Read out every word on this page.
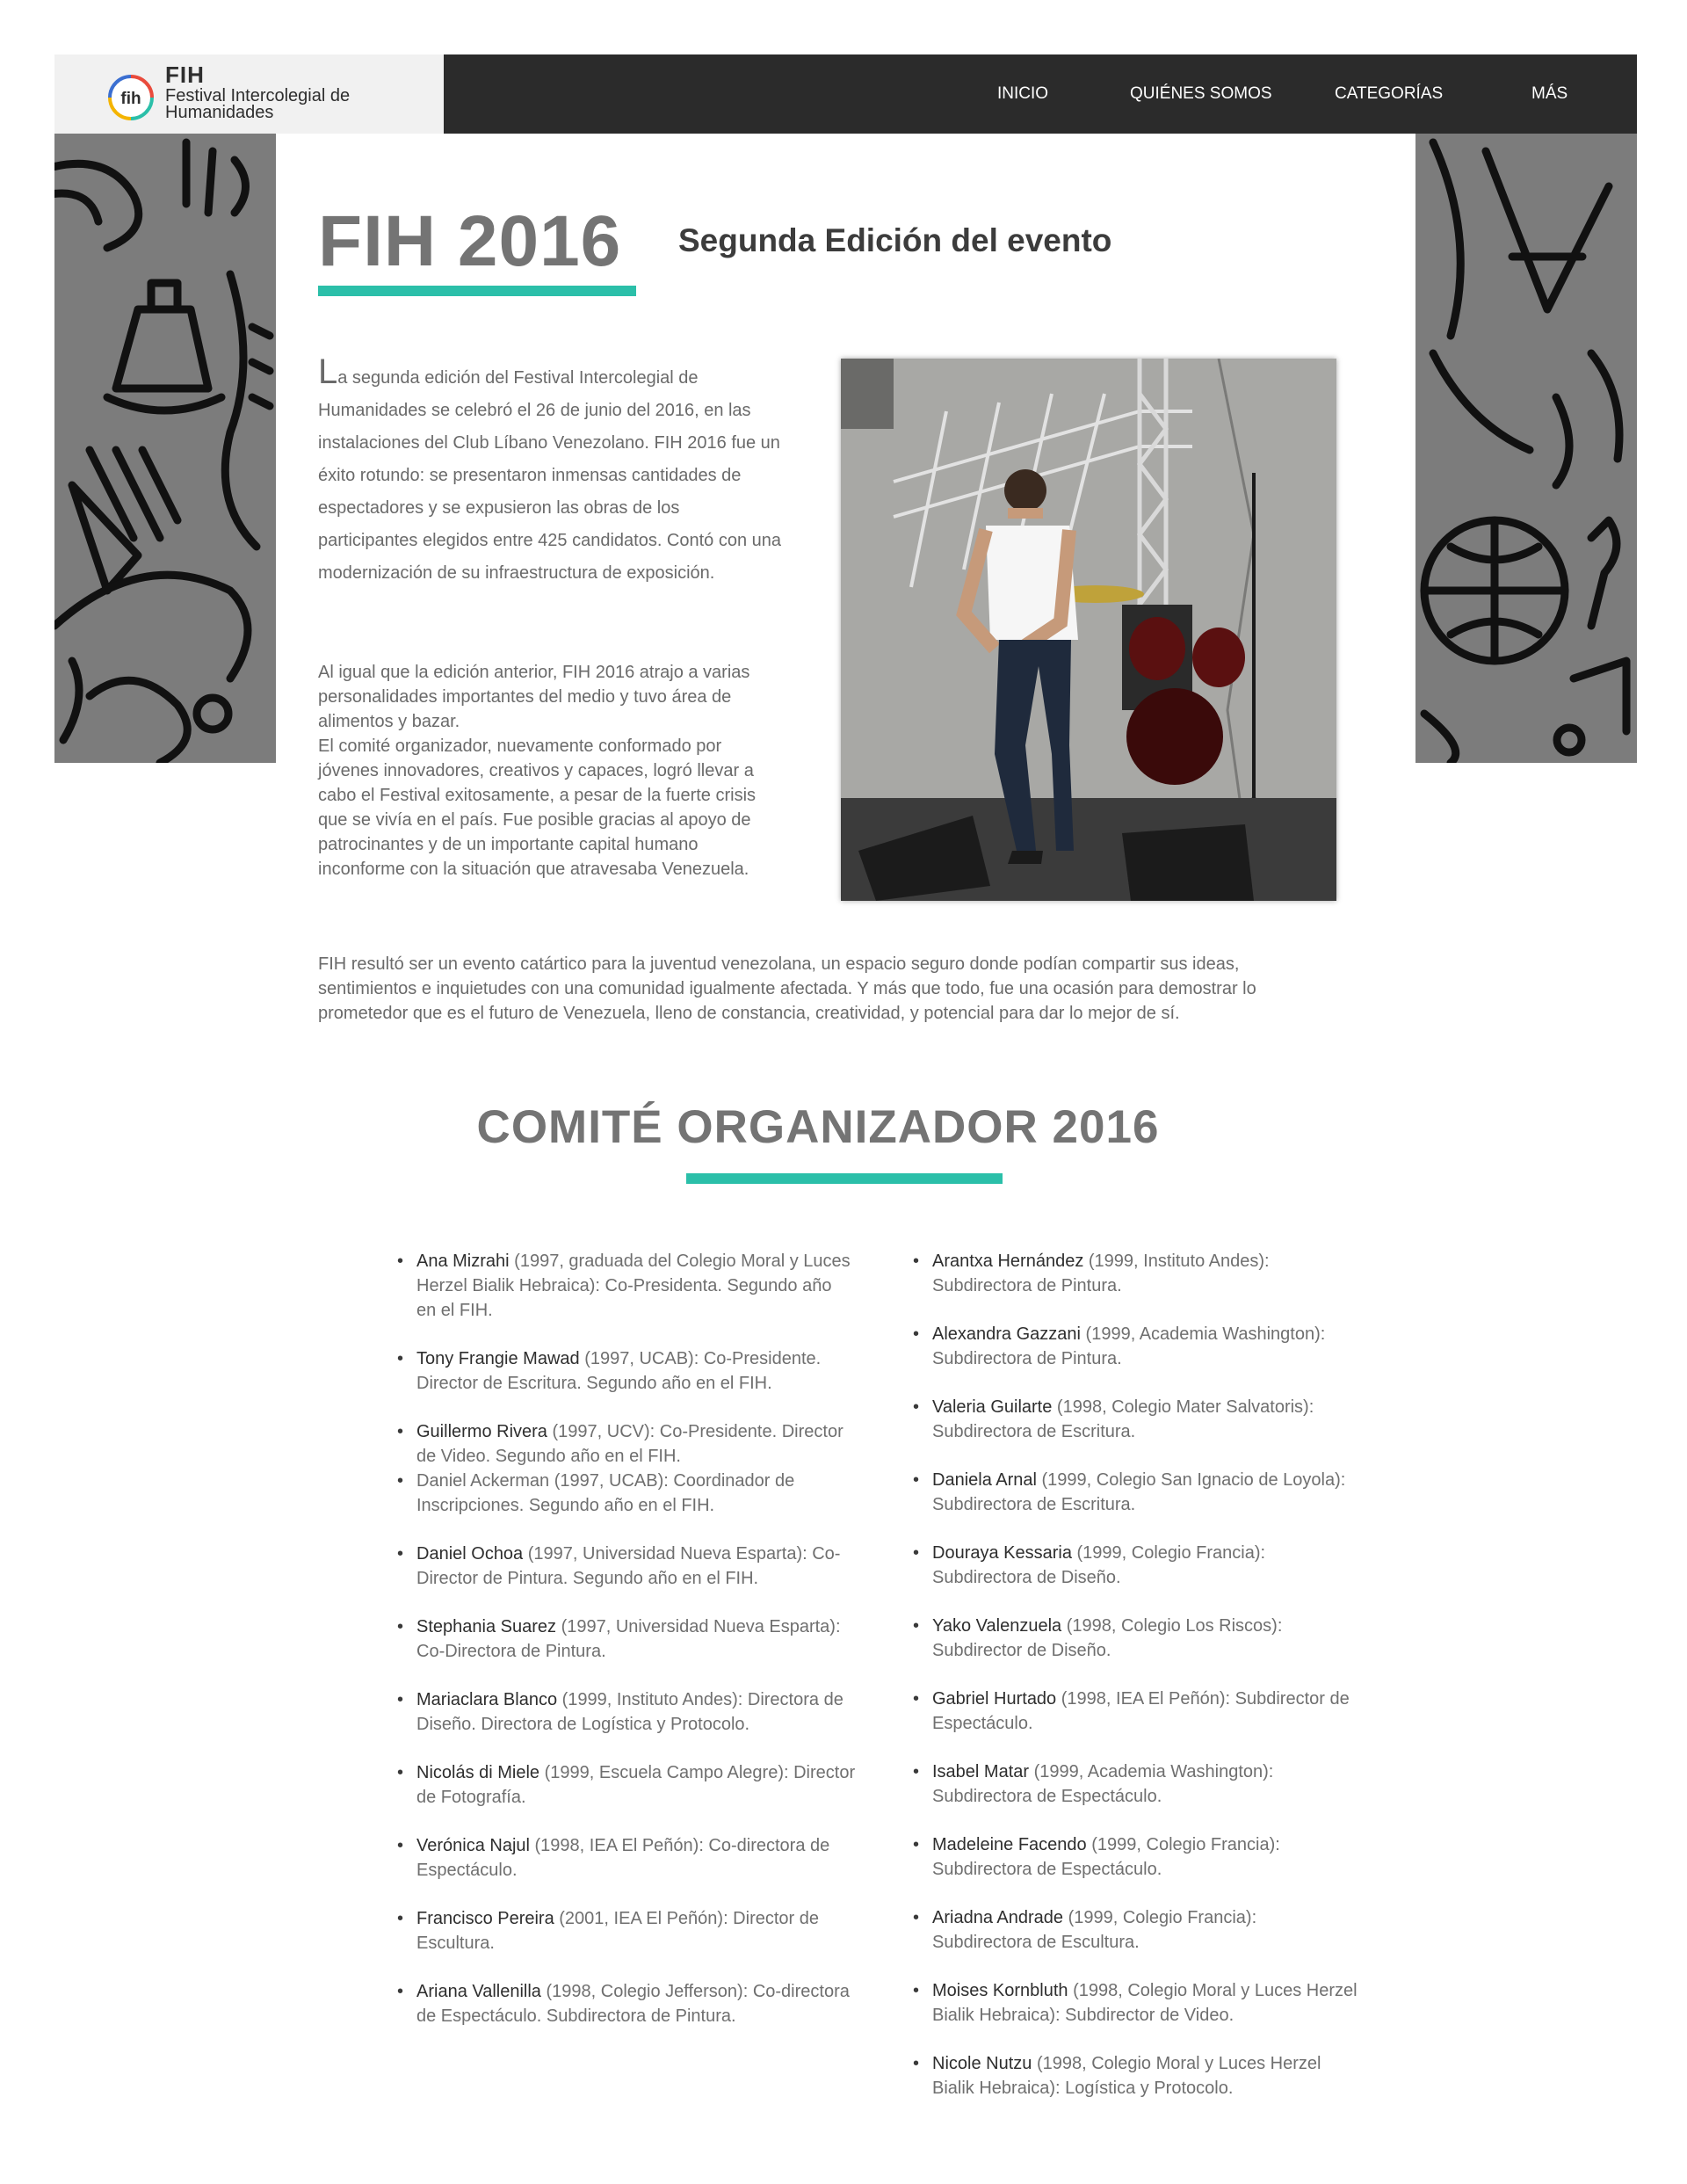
fih
FIH
Festival Intercolegial de Humanidades
INICIO	QUIÉNES SOMOS	CATEGORÍAS	MÁS
FIH 2016 Segunda Edición del evento
La segunda edición del Festival Intercolegial de Humanidades se celebró el 26 de junio del 2016, en las instalaciones del Club Líbano Venezolano. FIH 2016 fue un éxito rotundo: se presentaron inmensas cantidades de espectadores y se expusieron las obras de los participantes elegidos entre 425 candidatos. Contó con una modernización de su infraestructura de exposición.
Al igual que la edición anterior, FIH 2016 atrajo a varias personalidades importantes del medio y tuvo área de alimentos y bazar.
El comité organizador, nuevamente conformado por jóvenes innovadores, creativos y capaces, logró llevar a cabo el Festival exitosamente, a pesar de la fuerte crisis que se vivía en el país. Fue posible gracias al apoyo de patrocinantes y de un importante capital humano inconforme con la situación que atravesaba Venezuela.
FIH resultó ser un evento catártico para la juventud venezolana, un espacio seguro donde podían compartir sus ideas, sentimientos e inquietudes con una comunidad igualmente afectada. Y más que todo, fue una ocasión para demostrar lo prometedor que es el futuro de Venezuela, lleno de constancia, creatividad, y potencial para dar lo mejor de sí.
COMITÉ ORGANIZADOR 2016
• Ana Mizrahi (1997, graduada del Colegio Moral y Luces Herzel Bialik Hebraica): Co-Presidenta. Segundo año en el FIH.
• Tony Frangie Mawad (1997, UCAB): Co-Presidente. Director de Escritura. Segundo año en el FIH.
• Guillermo Rivera (1997, UCV): Co-Presidente. Director de Video. Segundo año en el FIH.
• Daniel Ackerman (1997, UCAB): Coordinador de Inscripciones. Segundo año en el FIH.
• Daniel Ochoa (1997, Universidad Nueva Esparta): Co-Director de Pintura. Segundo año en el FIH.
• Stephania Suarez (1997, Universidad Nueva Esparta): Co-Directora de Pintura.
• Mariaclara Blanco (1999, Instituto Andes): Directora de Diseño. Directora de Logística y Protocolo.
• Nicolás di Miele (1999, Escuela Campo Alegre): Director de Fotografía.
• Verónica Najul (1998, IEA El Peñón): Co-directora de Espectáculo.
• Francisco Pereira (2001, IEA El Peñón): Director de Escultura.
• Ariana Vallenilla (1998, Colegio Jefferson): Co-directora de Espectáculo. Subdirectora de Pintura.
• Arantxa Hernández (1999, Instituto Andes): Subdirectora de Pintura.
• Alexandra Gazzani (1999, Academia Washington): Subdirectora de Pintura.
• Valeria Guilarte (1998, Colegio Mater Salvatoris): Subdirectora de Escritura.
• Daniela Arnal (1999, Colegio San Ignacio de Loyola): Subdirectora de Escritura.
• Douraya Kessaria (1999, Colegio Francia): Subdirectora de Diseño.
• Yako Valenzuela (1998, Colegio Los Riscos): Subdirector de Diseño.
• Gabriel Hurtado (1998, IEA El Peñón): Subdirector de Espectáculo.
• Isabel Matar (1999, Academia Washington): Subdirectora de Espectáculo.
• Madeleine Facendo (1999, Colegio Francia): Subdirectora de Espectáculo.
• Ariadna Andrade (1999, Colegio Francia): Subdirectora de Escultura.
• Moises Kornbluth (1998, Colegio Moral y Luces Herzel Bialik Hebraica): Subdirector de Video.
• Nicole Nutzu (1998, Colegio Moral y Luces Herzel Bialik Hebraica): Logística y Protocolo.
